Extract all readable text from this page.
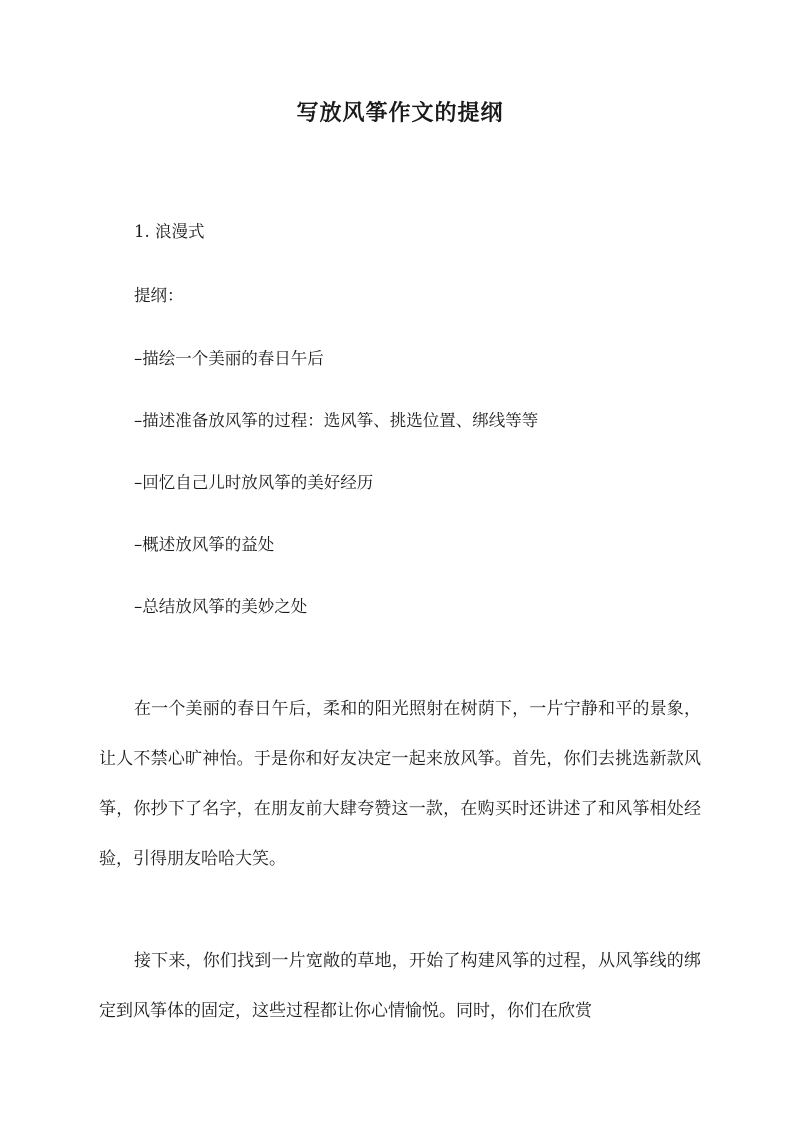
写放风筝作文的提纲

1. 浪漫式

提纲：

–描绘一个美丽的春日午后

–描述准备放风筝的过程：选风筝、挑选位置、绑线等等

–回忆自己儿时放风筝的美好经历

–概述放风筝的益处

–总结放风筝的美妙之处

在一个美丽的春日午后，柔和的阳光照射在树荫下，一片宁静和平的景象，让人不禁心旷神怡。于是你和好友决定一起来放风筝。首先，你们去挑选新款风筝，你抄下了名字，在朋友前大肆夸赞这一款，在购买时还讲述了和风筝相处经验，引得朋友哈哈大笑。

接下来，你们找到一片宽敞的草地，开始了构建风筝的过程，从风筝线的绑定到风筝体的固定，这些过程都让你心情愉悦。同时，你们在欣赏
